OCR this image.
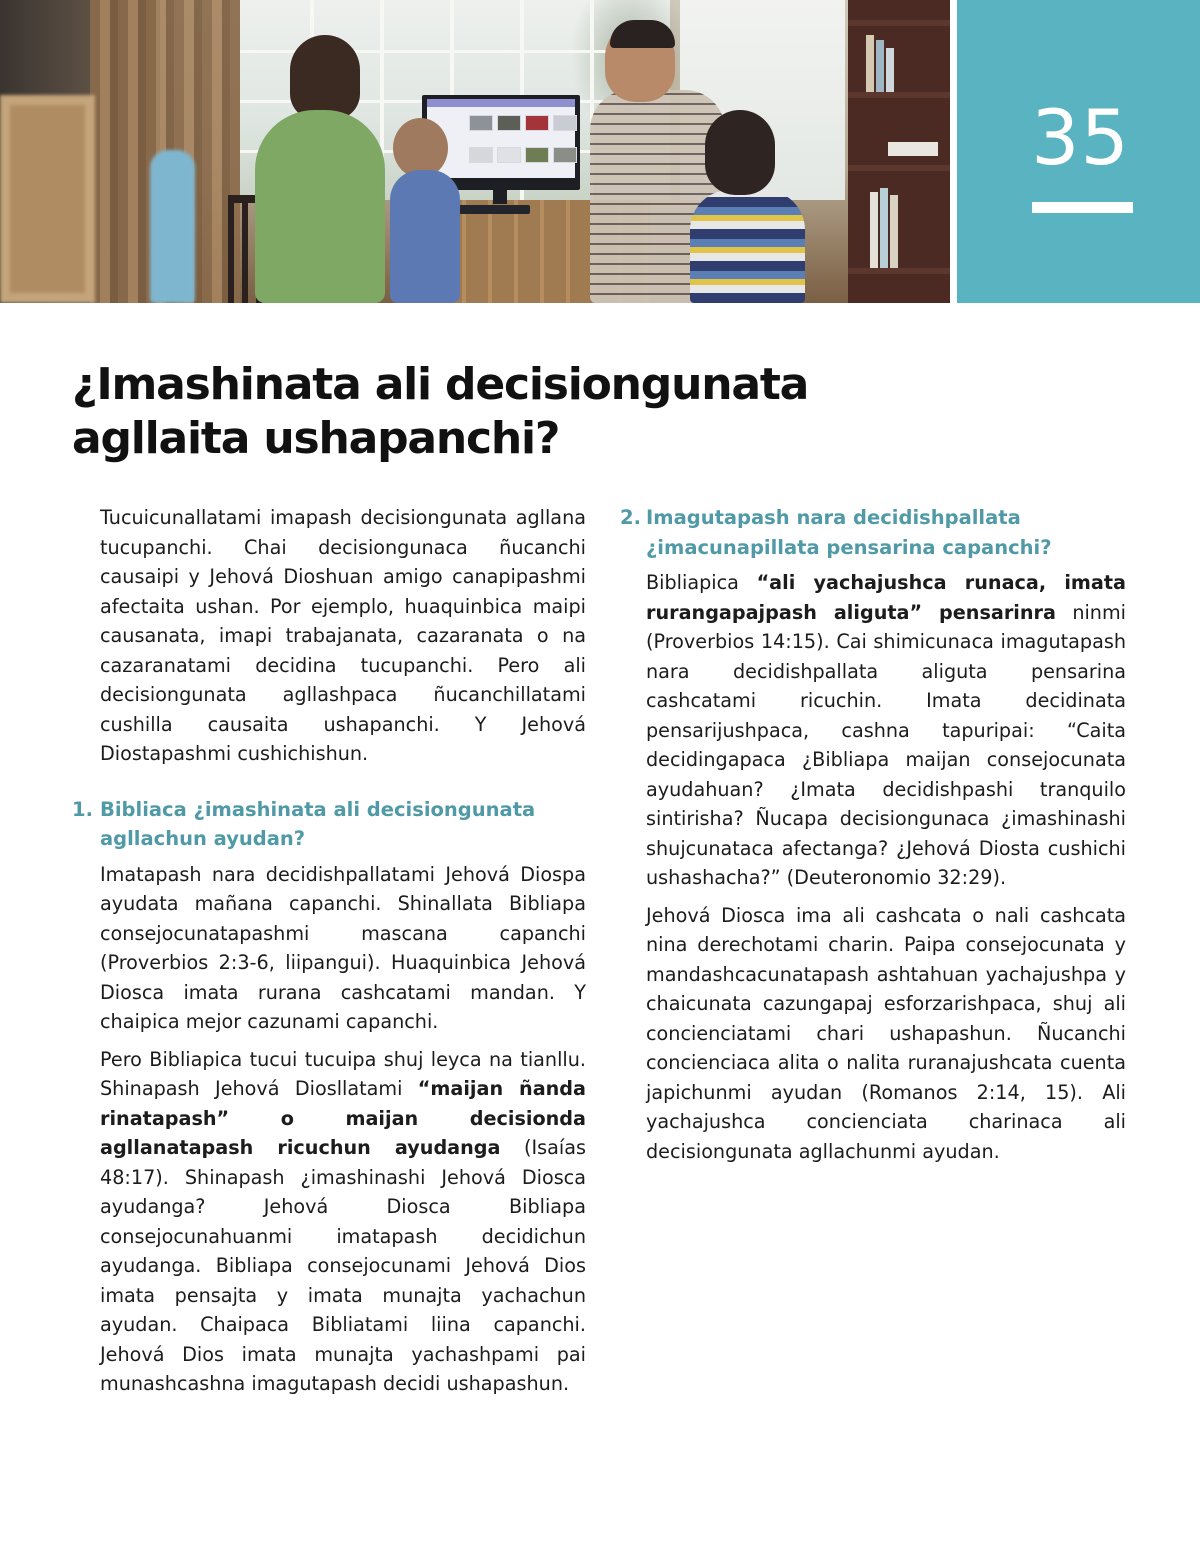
35
¿Imashinata ali decisiongunata agllaita ushapanchi?

Tucuicunallatami imapash decisiongunata agllana tucupanchi. Chai decisiongunaca ñucanchi causaipi y Jehová Dioshuan amigo canapipashmi afectaita ushan. Por ejemplo, huaquinbica maipi causanata, imapi trabajanata, cazaranata o na cazaranatami decidina tucupanchi. Pero ali decisiongunata agllashpaca ñucanchillatami cushilla causaita ushapanchi. Y Jehová Diostapashmi cushichishun.

1. Bibliaca ¿imashinata ali decisiongunata agllachun ayudan?

Imatapash nara decidishpallatami Jehová Diospa ayudata mañana capanchi. Shinallata Bibliapa consejocunatapashmi mascana capanchi (Proverbios 2:3-6, liipangui). Huaquinbica Jehová Diosca imata rurana cashcatami mandan. Y chaipica mejor cazunami capanchi.

Pero Bibliapica tucui tucuipa shuj leyca na tianllu. Shinapash Jehová Diosllatami “maijan ñanda rinatapash” o maijan decisionda agllanatapash ricuchun ayudanga (Isaías 48:17). Shinapash ¿imashinashi Jehová Diosca ayudanga? Jehová Diosca Bibliapa consejocunahuanmi imatapash decidichun ayudanga. Bibliapa consejocunami Jehová Dios imata pensajta y imata munajta yachachun ayudan. Chaipaca Bibliatami liina capanchi. Jehová Dios imata munajta yachashpami pai munashcashna imagutapash decidi ushapashun.

2. Imagutapash nara decidishpallata ¿imacunapillata pensarina capanchi?

Bibliapica “ali yachajushca runaca, imata rurangapajpash aliguta” pensarinra ninmi (Proverbios 14:15). Cai shimicunaca imagutapash nara decidishpallata aliguta pensarina cashcatami ricuchin. Imata decidinata pensarijushpaca, cashna tapuripai: “Caita decidingapaca ¿Bibliapa maijan consejocunata ayudahuan? ¿Imata decidishpashi tranquilo sintirisha? Ñucapa decisiongunaca ¿imashinashi shujcunataca afectanga? ¿Jehová Diosta cushichi ushashacha?” (Deuteronomio 32:29).

Jehová Diosca ima ali cashcata o nali cashcata nina derechotami charin. Paipa consejocunata y mandashcacunatapash ashtahuan yachajushpa y chaicunata cazungapaj esforzarishpaca, shuj ali concienciatami chari ushapashun. Ñucanchi concienciaca alita o nalita ruranajushcata cuenta japichunmi ayudan (Romanos 2:14, 15). Ali yachajushca concienciata charinaca ali decisiongunata agllachunmi ayudan.
